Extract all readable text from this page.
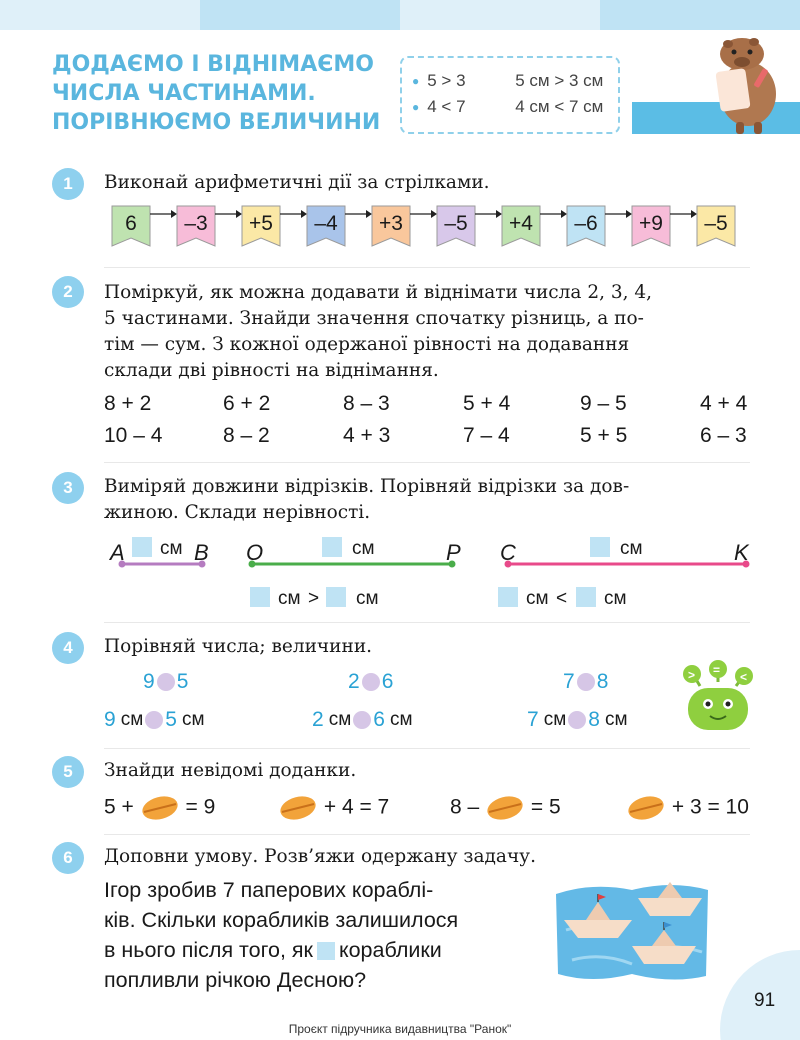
ДОДАЄМО І ВІДНІМАЄМО
ЧИСЛА ЧАСТИНАМИ.
ПОРІВНЮЄМО ВЕЛИЧИНИ
● 5 > 3	5 см > 3 см
● 4 < 7	4 см < 7 см
1	Виконай арифметичні дії за стрілками.
6	–3	+5	–4	+3	–5	+4	–6	+9	–5
2	Поміркуй, як можна додавати й віднімати числа 2, 3, 4,
5 частинами. Знайди значення спочатку різниць, а по-
тім — сум. З кожної одержаної рівності на додавання
склади дві рівності на віднімання.
8 + 2	6 + 2	8 – 3	5 + 4	9 – 5	4 + 4
10 – 4	8 – 2	4 + 3	7 – 4	5 + 5	6 – 3
3	Виміряй довжини відрізків. Порівняй відрізки за дов-
жиною. Склади нерівності.
A см B O	см	P C	см	K
см > см	см < см
4	Порівняй числа; величини.
9 5	2 6	7 8
9 см 5 см	2 см 6 см	7 см 8 см
> = <
5	Знайди невідомі доданки.
5 + = 9	+ 4 = 7	8 – = 5	+ 3 = 10
6	Доповни умову. Розв’яжи одержану задачу.
Ігор зробив 7 паперових кораблі-
ків. Скільки корабликів залишилося
в нього після того, як кораблики
попливли річкою Десною?
91
Проєкт підручника видавництва "Ранок"
